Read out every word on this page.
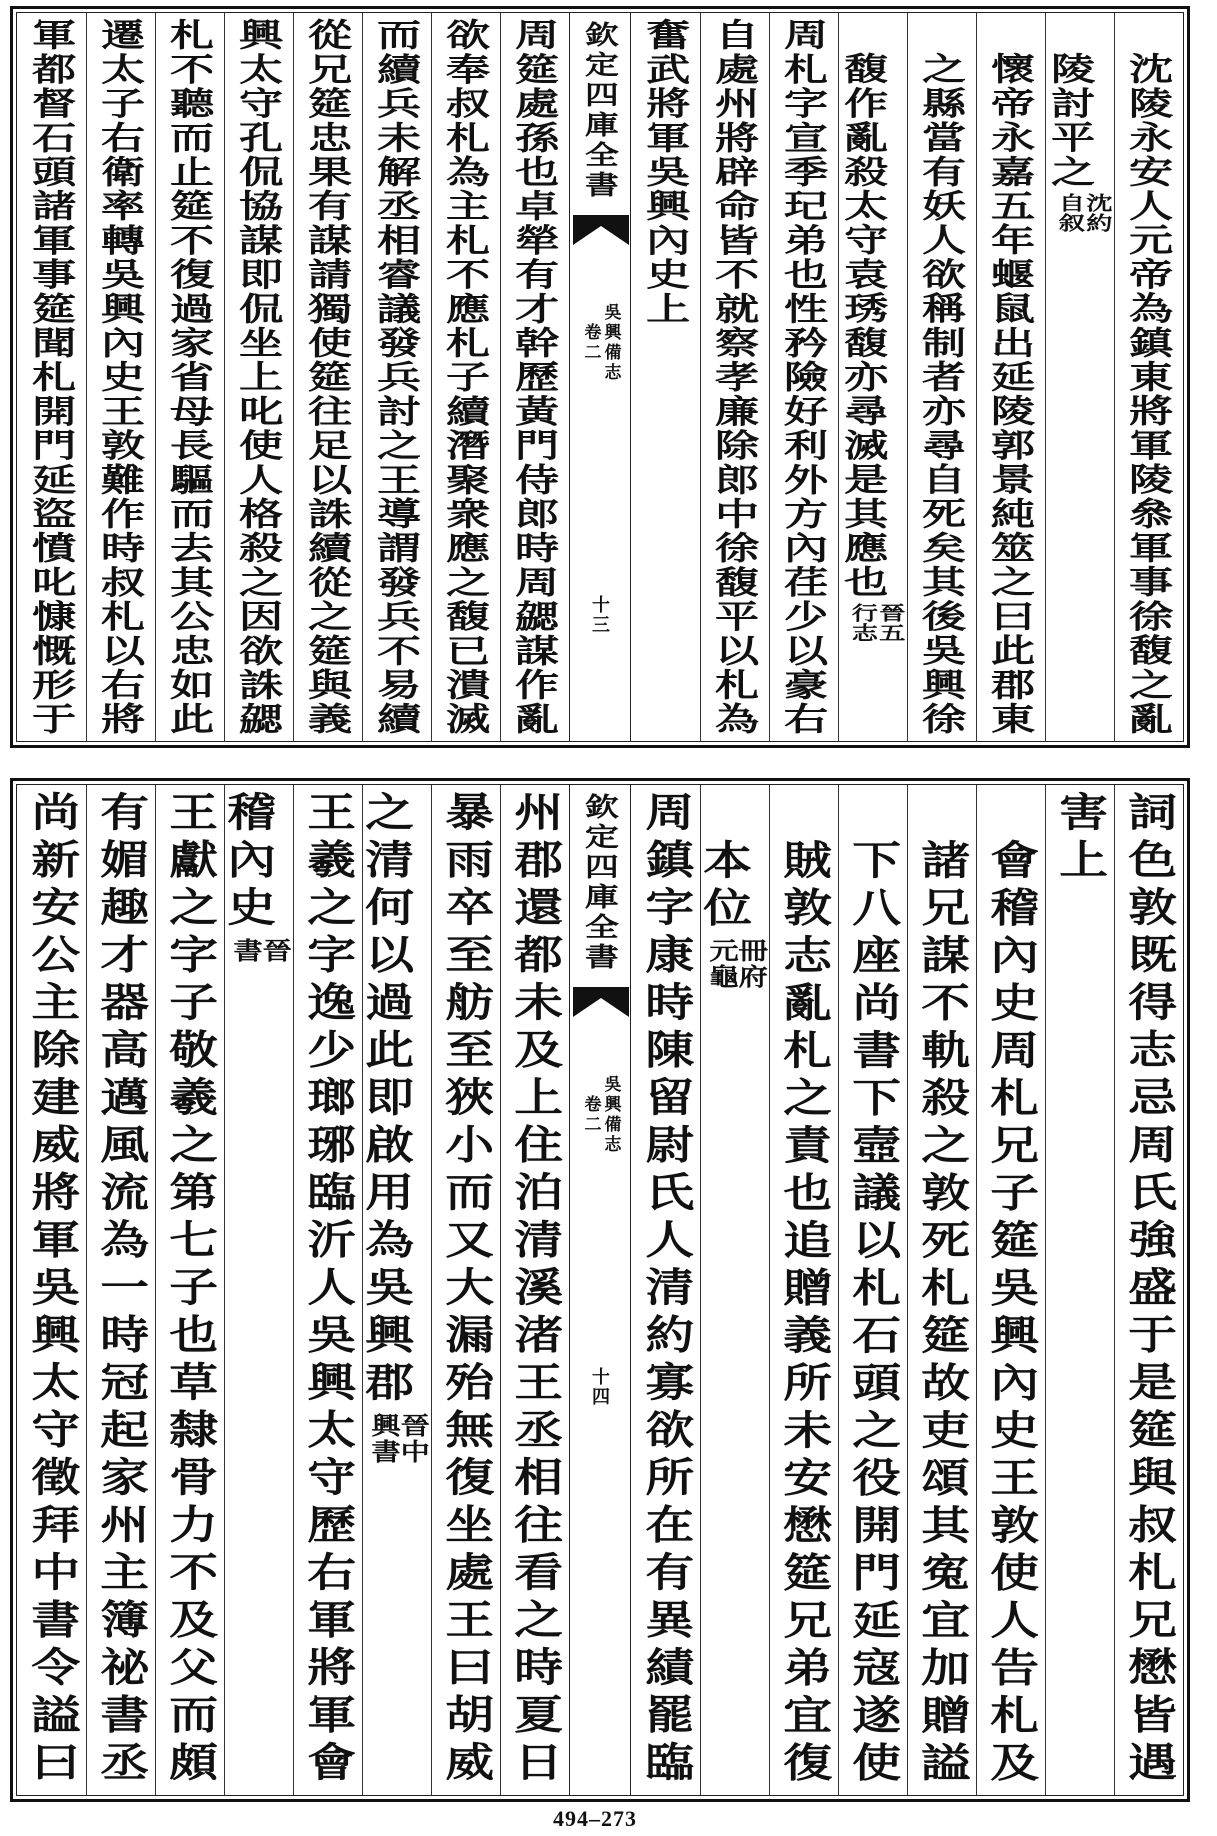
沈陵永安人元帝為鎮東將軍陵叅軍事徐馥之亂
陵討平之
沈約
自叙
懷帝永嘉五年蝘鼠出延陵郭景純筮之曰此郡東
之縣當有妖人欲稱制者亦尋自死矣其後吳興徐
馥作亂殺太守袁琇馥亦尋滅是其應也
晉五
行志
周札字宣季玘弟也性矜險好利外方內荏少以豪右
自處州將辟命皆不就察孝廉除郎中徐馥平以札為
奮武將軍吳興內史上
欽定四庫全書
吳興備志
卷二
十三
周筵處孫也卓犖有才幹歷黃門侍郎時周勰謀作亂
欲奉叔札為主札不應札子續潛聚衆應之馥已潰滅
而續兵未解丞相睿議發兵討之王導謂發兵不易續
從兄筵忠果有謀請獨使筵往足以誅續從之筵與義
興太守孔侃協謀即侃坐上叱使人格殺之因欲誅勰
札不聽而止筵不復過家省母長驅而去其公忠如此
遷太子右衛率轉吳興內史王敦難作時叔札以右將
軍都督石頭諸軍事筵聞札開門延盜憤叱慷慨形于
詞色敦既得志忌周氏強盛于是筵與叔札兄懋皆遇
害上
會稽內史周札兄子筵吳興內史王敦使人告札及
諸兄謀不軌殺之敦死札筵故吏頌其寃宜加贈謚
下八座尚書下壼議以札石頭之役開門延寇遂使
賊敦志亂札之責也追贈義所未安懋筵兄弟宜復
本位
冊府
元龜
周鎮字康時陳留尉氏人清約寡欲所在有異績罷臨
欽定四庫全書
吳興備志
卷二
十四
州郡還都未及上住泊清溪渚王丞相往看之時夏日
暴雨卒至舫至狹小而又大漏殆無復坐處王曰胡威
之清何以過此即啟用為吳興郡
晉中
興書
王羲之字逸少瑯琊臨沂人吳興太守歷右軍將軍會
稽內史
晉
書
王獻之字子敬羲之第七子也草隸骨力不及父而頗
有媚趣才器高邁風流為一時冠起家州主簿祕書丞
尚新安公主除建威將軍吳興太守徵拜中書令謚曰
494–273
